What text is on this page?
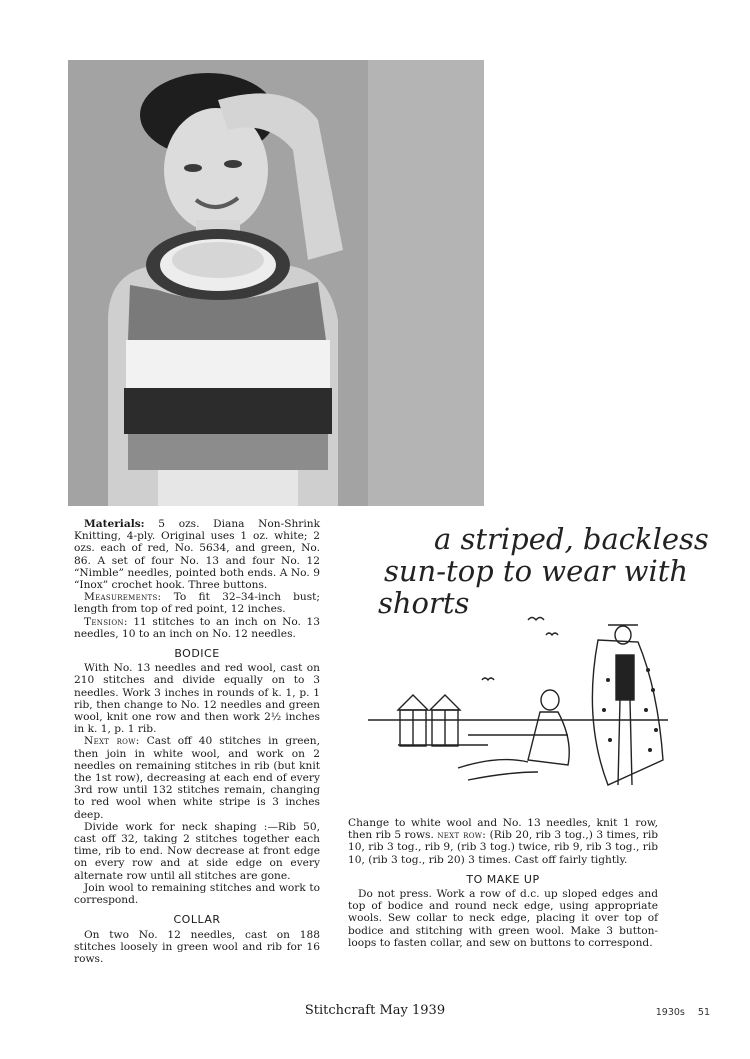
Materials: 5 ozs. Diana Non-Shrink Knitting, 4-ply. Original uses 1 oz. white; 2 ozs. each of red, No. 5634, and green, No. 86. A set of four No. 13 and four No. 12 “Nimble” needles, pointed both ends. A No. 9 “Inox” crochet hook. Three buttons.

Measurements: To fit 32–34-inch bust; length from top of red point, 12 inches.

Tension: 11 stitches to an inch on No. 13 needles, 10 to an inch on No. 12 needles.

BODICE

With No. 13 needles and red wool, cast on 210 stitches and divide equally on to 3 needles. Work 3 inches in rounds of k. 1, p. 1 rib, then change to No. 12 needles and green wool, knit one row and then work 2½ inches in k. 1, p. 1 rib.

Next row: Cast off 40 stitches in green, then join in white wool, and work on 2 needles on remaining stitches in rib (but knit the 1st row), decreasing at each end of every 3rd row until 132 stitches remain, changing to red wool when white stripe is 3 inches deep.

Divide work for neck shaping :—Rib 50, cast off 32, taking 2 stitches together each time, rib to end. Now decrease at front edge on every row and at side edge on every alternate row until all stitches are gone.

Join wool to remaining stitches and work to correspond.

COLLAR

On two No. 12 needles, cast on 188 stitches loosely in green wool and rib for 16 rows.

a striped, backless
sun-top to wear with
shorts

Change to white wool and No. 13 needles, knit 1 row, then rib 5 rows. next row: (Rib 20, rib 3 tog.,) 3 times, rib 10, rib 3 tog., rib 9, (rib 3 tog.) twice, rib 9, rib 3 tog., rib 10, (rib 3 tog., rib 20) 3 times. Cast off fairly tightly.

TO MAKE UP

Do not press. Work a row of d.c. up sloped edges and top of bodice and round neck edge, using appropriate wools. Sew collar to neck edge, placing it over top of bodice and stitching with green wool. Make 3 button-loops to fasten collar, and sew on buttons to correspond.

Stitchcraft May 1939	1930s 51
